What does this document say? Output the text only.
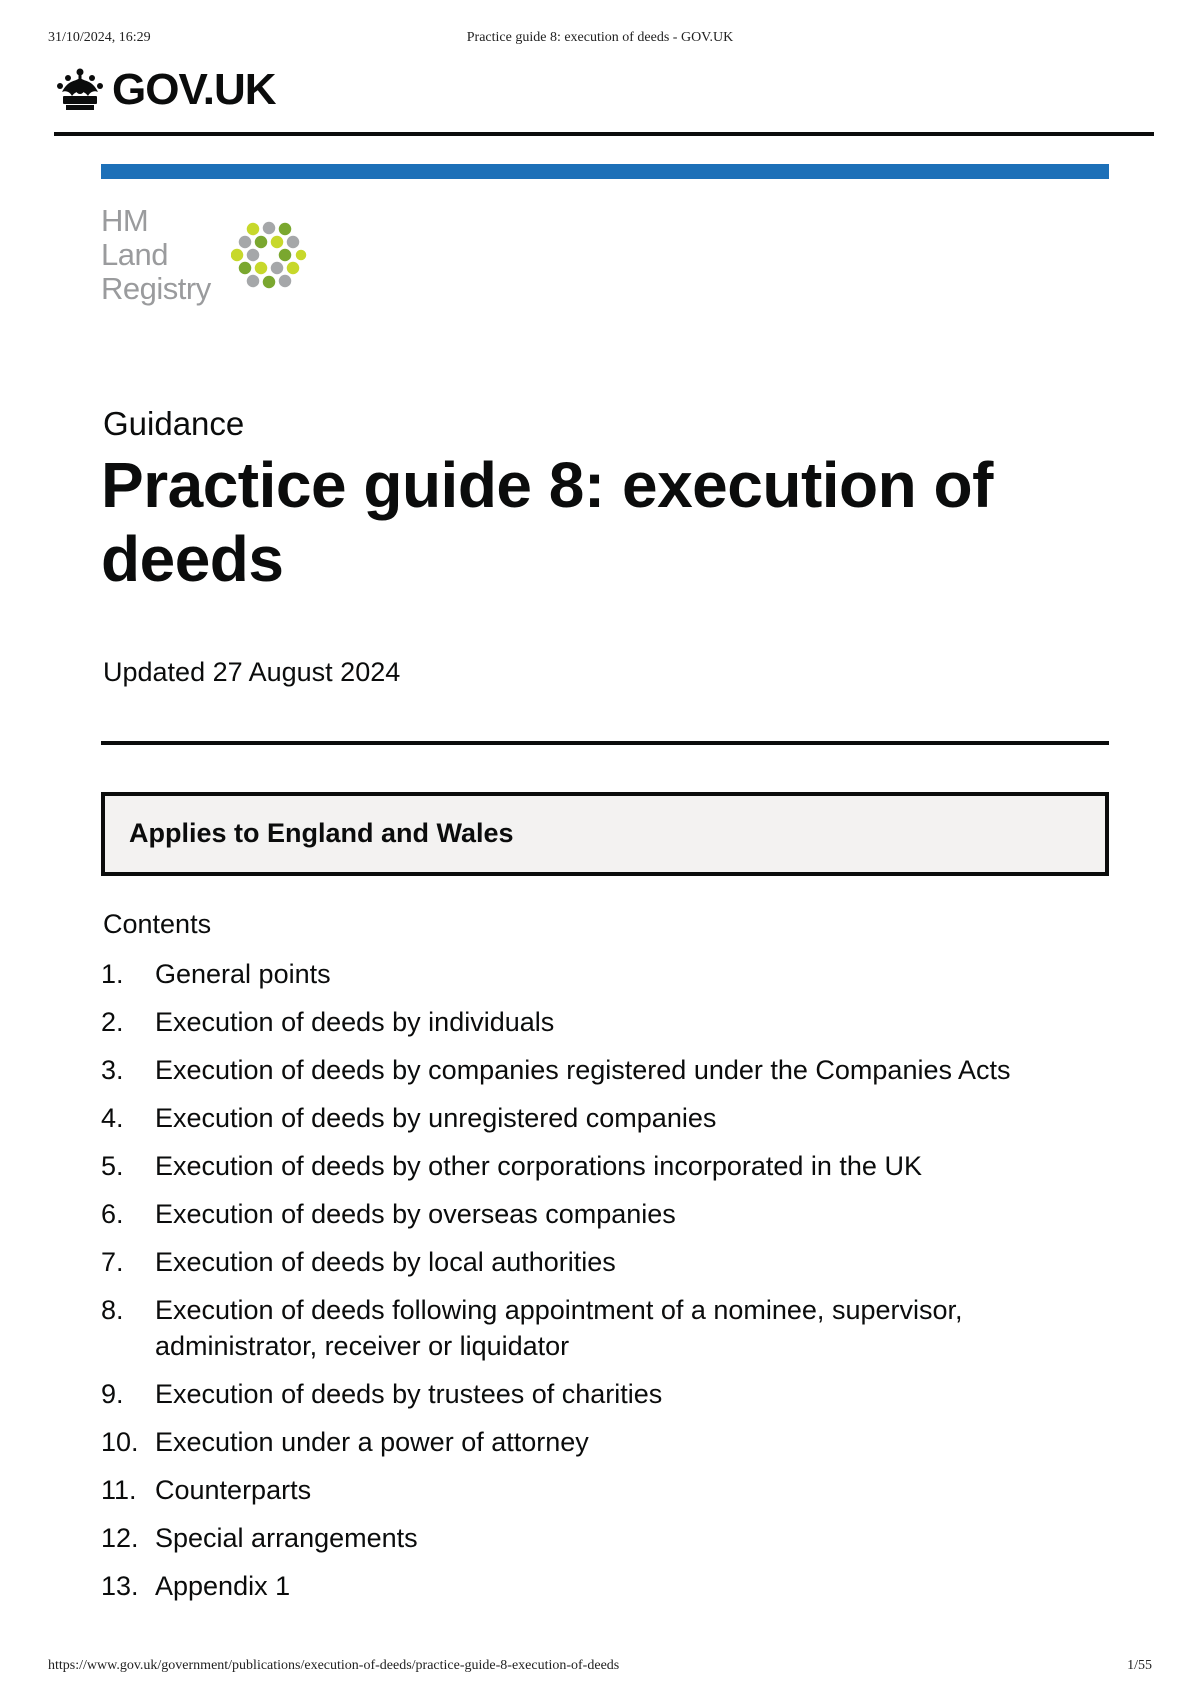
31/10/2024, 16:29	Practice guide 8: execution of deeds - GOV.UK
GOV.UK
HM Land Registry
Guidance
Practice guide 8: execution of deeds
Updated 27 August 2024
Applies to England and Wales
Contents
1.	General points
2.	Execution of deeds by individuals
3.	Execution of deeds by companies registered under the Companies Acts
4.	Execution of deeds by unregistered companies
5.	Execution of deeds by other corporations incorporated in the UK
6.	Execution of deeds by overseas companies
7.	Execution of deeds by local authorities
8.	Execution of deeds following appointment of a nominee, supervisor, administrator, receiver or liquidator
9.	Execution of deeds by trustees of charities
10. Execution under a power of attorney
11. Counterparts
12. Special arrangements
13. Appendix 1
https://www.gov.uk/government/publications/execution-of-deeds/practice-guide-8-execution-of-deeds	1/55
